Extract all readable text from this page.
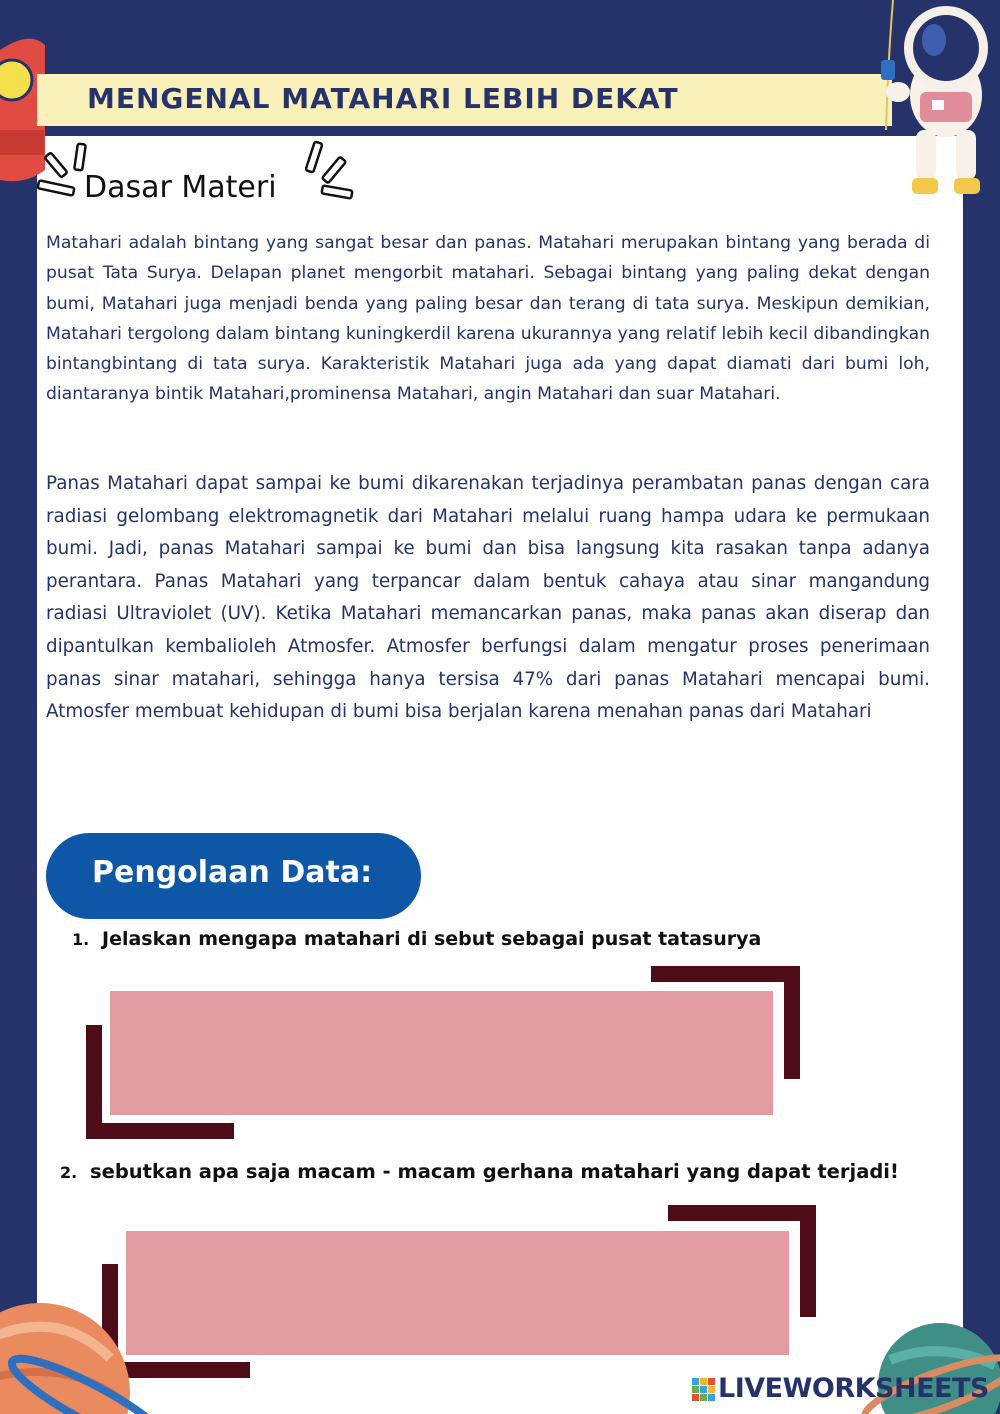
MENGENAL MATAHARI LEBIH DEKAT
Dasar Materi

Matahari adalah bintang yang sangat besar dan panas. Matahari merupakan bintang yang berada di pusat Tata Surya. Delapan planet mengorbit matahari. Sebagai bintang yang paling dekat dengan bumi, Matahari juga menjadi benda yang paling besar dan terang di tata surya. Meskipun demikian, Matahari tergolong dalam bintang kuningkerdil karena ukurannya yang relatif lebih kecil dibandingkan bintangbintang di tata surya. Karakteristik Matahari juga ada yang dapat diamati dari bumi loh, diantaranya bintik Matahari,prominensa Matahari, angin Matahari dan suar Matahari.

Panas Matahari dapat sampai ke bumi dikarenakan terjadinya perambatan panas dengan cara radiasi gelombang elektromagnetik dari Matahari melalui ruang hampa udara ke permukaan bumi. Jadi, panas Matahari sampai ke bumi dan bisa langsung kita rasakan tanpa adanya perantara. Panas Matahari yang terpancar dalam bentuk cahaya atau sinar mangandung radiasi Ultraviolet (UV). Ketika Matahari memancarkan panas, maka panas akan diserap dan dipantulkan kembalioleh Atmosfer. Atmosfer berfungsi dalam mengatur proses penerimaan panas sinar matahari, sehingga hanya tersisa 47% dari panas Matahari mencapai bumi. Atmosfer membuat kehidupan di bumi bisa berjalan karena menahan panas dari Matahari

Pengolaan Data:

1. Jelaskan mengapa matahari di sebut sebagai pusat tatasurya

2. sebutkan apa saja macam - macam gerhana matahari yang dapat terjadi!

LIVEWORKSHEETS
